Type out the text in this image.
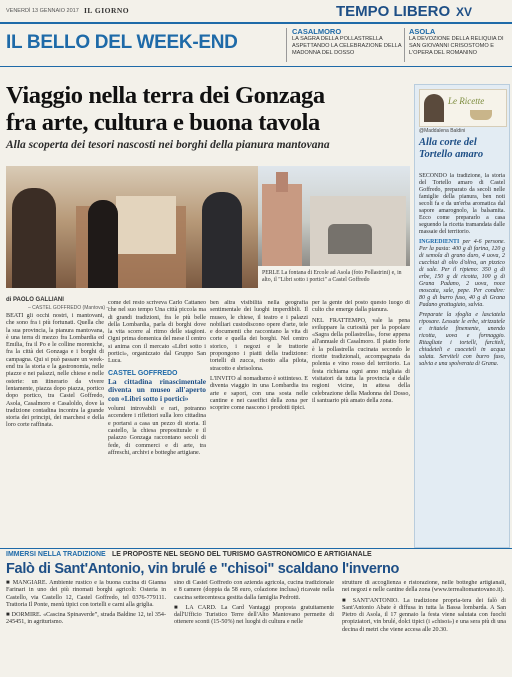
VENERDÌ 13 GENNAIO 2017 IL GIORNO	TEMPO LIBERO XV
IL BELLO DEL WEEK-END
CASALMORO
LA SAGRA DELLA POLLASTRELLA ASPETTANDO LA CELEBRAZIONE DELLA MADONNA DEL DOSSO
ASOLA
LA DEVOZIONE DELLA RELIQUIA DI SAN GIOVANNI CRISOSTOMO E L'OPERA DEL ROMANINO
Viaggio nella terra dei Gonzaga
fra arte, cultura e buona tavola
Alla scoperta dei tesori nascosti nei borghi della pianura mantovana
PERLE La fontana di Ercole ad Asola (foto Pollastrini) e, in alto, il "Libri sotto i portici" a Castel Goffredo
di PAOLO GALLIANI
– CASTEL GOFFREDO (Mantova) –

BEATI gli occhi nostri, i mantovani, che sono fra i più fortunati. Quella che la sua provincia, la pianura mantovana, è una terra di mezzo fra Lombardia ed Emilia, fra il Po e le colline moreniche, fra la città dei Gonzaga e i borghi di campagna. Qui si può passare un week-end tra la storia e la gastronomia, nelle piazze e nei palazzi, nelle chiese e nelle osterie: un itinerario da vivere lentamente, piazza dopo piazza, portico dopo portico, tra Castel Goffredo, Asola, Casalmoro e Casaloldo, dove la tradizione contadina incontra la grande storia dei principi, dei marchesi e della loro corte raffinata.

come del resto scriveva Carlo Cattaneo che nel suo tempo Una città piccola ma di grandi tradizioni, fra le più belle della Lombardia, parla di borghi dove la vita scorre al ritmo delle stagioni. Ogni prima domenica del mese il centro si anima con il mercato «Libri sotto i portici», organizzato dal Gruppo San Luca.

CASTEL GOFFREDO
La cittadina rinascimentale diventa un museo all'aperto con «Libri sotto i portici»

volumi introvabili e rari, potranno accendere i riflettori sulla loro cittadina e portarsi a casa un pezzo di storia. Il castello, la chiesa prepositurale e il palazzo Gonzaga raccontano secoli di fede, di commerci e di arte, tra affreschi, archivi e botteghe artigiane.

ben altra visibilità nella geografia sentimentale dei luoghi imperdibili. Il museo, le chiese, il teatro e i palazzi nobiliari custodiscono opere d'arte, tele e documenti che raccontano la vita di corte e quella dei borghi. Nel centro storico, i negozi e le trattorie propongono i piatti della tradizione: tortelli di zucca, risotto alla pilota, stracotto e sbrisolona.

L'INVITO al nomadismo è sottinteso. E diventa viaggio in una Lombardia tra arte e sapori, con una sosta nelle cantine e nei caseifici della zona per scoprire come nascono i prodotti tipici.

per la gente del posto questo luogo di culto che emerge dalla pianura.

NEL FRATTEMPO, vale la pena sviluppare la curiosità per la popolare «Sagra della pollastrella», forse appena all'annuale di Casalmoro. Il piatto forte è la pollastrella cucinata secondo le ricette tradizionali, accompagnata da polenta e vino rosso del territorio. La festa richiama ogni anno migliaia di visitatori da tutta la provincia e dalle regioni vicine, in attesa della celebrazione della Madonna del Dosso, il santuario più amato della zona.

Le Ricette
@Maddalena Baldini
Alla corte del Tortello amaro

SECONDO la tradizione, la storia del Tortello amaro di Castel Goffredo, preparato da secoli nelle famiglie della pianura, ben noti secoli fa e da un'erba aromatica dal sapore amarognolo, la balsamita. Ecco come prepararlo a casa seguendo la ricetta tramandata dalle massaie del territorio.

INGREDIENTI per 4-6 persone. Per la pasta: 400 g di farina, 120 g di semola di grano duro, 4 uova, 2 cucchiai di olio d'oliva, un pizzico di sale. Per il ripieno: 350 g di erbe, 150 g di ricotta, 100 g di Grana Padano, 2 uova, noce moscata, sale, pepe. Per condire: 80 g di burro fuso, 40 g di Grana Padano grattugiato, salvia.

Preparate la sfoglia e lasciatela riposare. Lessate le erbe, strizzatele e tritatele finemente, unendo ricotta, uova e formaggio. Ritagliate i tortelli, farciteli, chiudeteli e cuoceteli in acqua salata. Serviteli con burro fuso, salvia e una spolverata di Grana.

IMMERSI NELLA TRADIZIONE LE PROPOSTE NEL SEGNO DEL TURISMO GASTRONOMICO E ARTIGIANALE
Falò di Sant'Antonio, vin brulé e "chisoi" scaldano l'inverno

■ MANGIARE. Ambiente rustico e la buona cucina di Gianna Farinari in uno dei più rinomati borghi agricoli: Osteria in Castello, via Castello 12, Castel Goffredo, tel 0376-779111. Trattoria Il Ponte, menù tipici con tortelli e carni alla griglia.

■ DORMIRE. «Cascina Spinaverdeˮ, strada Baldine 12, tel 354-245451, in agriturismo.

sino di Castel Goffredo con azienda agricola, cucina tradizionale e 8 camere (doppia da 58 euro, colazione inclusa) ricavate nella cascina settecentesca gestita dalla famiglia Pedrotti.

■ LA CARD. La Card Vantaggi proposta gratuitamente dall'Ufficio Turistico Terre dell'Alto Mantovano permette di ottenere sconti (15-50%) nei luoghi di cultura e nelle

strutture di accoglienza e ristorazione, nelle botteghe artigianali, nei negozi e nelle cantine della zona (www.terrealtomantovano.it).

■ SANT'ANTONIO. La tradizione propria-tera dei falò di Sant'Antonio Abate è diffusa in tutta la Bassa lombarda. A San Pietro di Asola, il 17 gennaio la festa viene salutata con fuochi propiziatori, vin brulé, dolci tipici (i «chisoi») e una sera più di una decina di metri che viene accesa alle 20.30.
